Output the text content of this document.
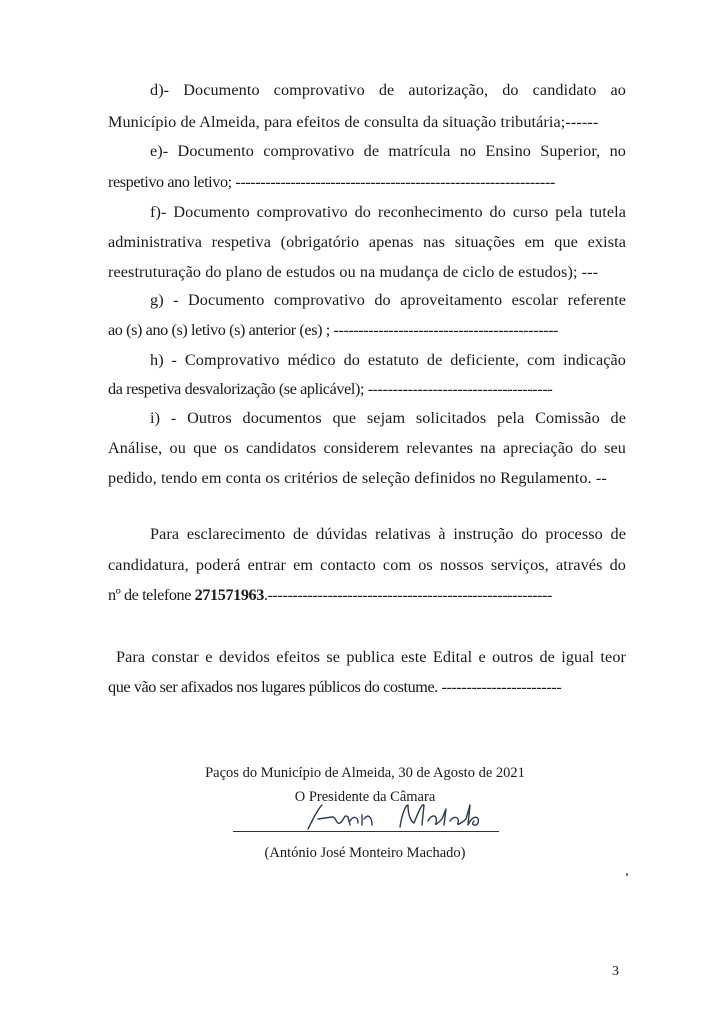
d)- Documento comprovativo de autorização, do candidato ao
Município de Almeida, para efeitos de consulta da situação tributária;------
e)- Documento comprovativo de matrícula no Ensino Superior, no
respetivo ano letivo; ----------------------------------------------------------------
f)- Documento comprovativo do reconhecimento do curso pela tutela
administrativa respetiva (obrigatório apenas nas situações em que exista
reestruturação do plano de estudos ou na mudança de ciclo de estudos); ---
g) - Documento comprovativo do aproveitamento escolar referente
ao (s) ano (s) letivo (s) anterior (es) ; ---------------------------------------------
h) - Comprovativo médico do estatuto de deficiente, com indicação
da respetiva desvalorização (se aplicável); -------------------------------------
i) - Outros documentos que sejam solicitados pela Comissão de
Análise, ou que os candidatos considerem relevantes na apreciação do seu
pedido, tendo em conta os critérios de seleção definidos no Regulamento. --
Para esclarecimento de dúvidas relativas à instrução do processo de
candidatura, poderá entrar em contacto com os nossos serviços, através do
nº de telefone 271571963.---------------------------------------------------------
Para constar e devidos efeitos se publica este Edital e outros de igual teor
que vão ser afixados nos lugares públicos do costume. ------------------------
Paços do Município de Almeida, 30 de Agosto de 2021
O Presidente da Câmara
(António José Monteiro Machado)
3
